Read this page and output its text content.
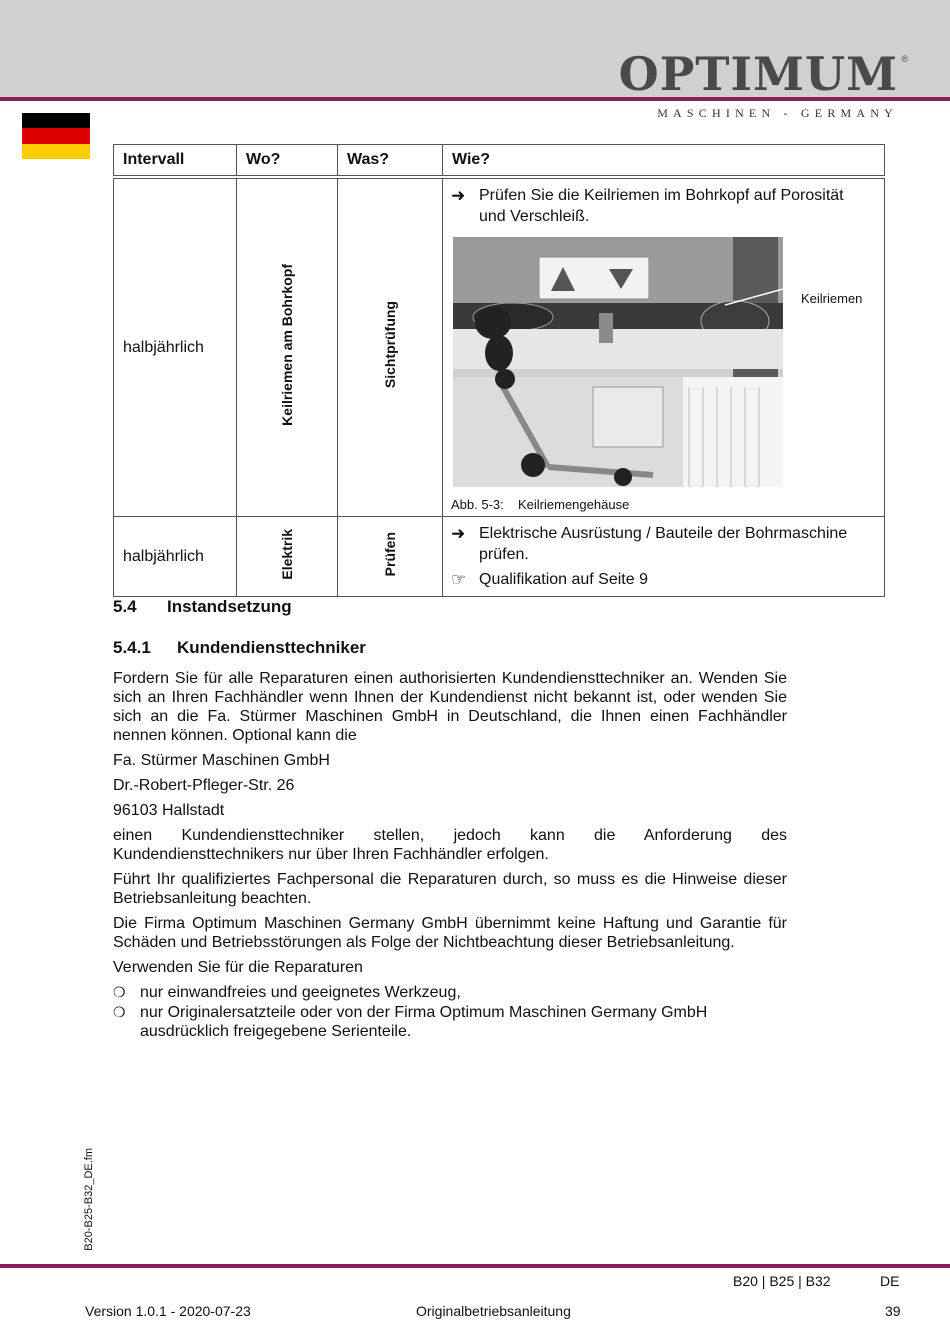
OPTIMUM ®
MASCHINEN - GERMANY
Intervall	Wo?	Was?	Wie?
halbjährlich	Keilriemen am Bohrkopf	Sichtprüfung	➜ Prüfen Sie die Keilriemen im Bohrkopf auf Porosität und Verschleiß.
Keilriemen
Abb. 5-3: Keilriemengehäuse

halbjährlich	Elektrik	Prüfen	➜ Elektrische Ausrüstung / Bauteile der Bohrmaschine prüfen.
☞ Qualifikation auf Seite 9
5.4 Instandsetzung
5.4.1 Kundendiensttechniker

Fordern Sie für alle Reparaturen einen authorisierten Kundendiensttechniker an. Wenden Sie sich an Ihren Fachhändler wenn Ihnen der Kundendienst nicht bekannt ist, oder wenden Sie sich an die Fa. Stürmer Maschinen GmbH in Deutschland, die Ihnen einen Fachhändler nennen können. Optional kann die

Fa. Stürmer Maschinen GmbH

Dr.-Robert-Pfleger-Str. 26

96103 Hallstadt

einen Kundendiensttechniker stellen, jedoch kann die Anforderung des Kundendiensttechnikers nur über Ihren Fachhändler erfolgen.

Führt Ihr qualifiziertes Fachpersonal die Reparaturen durch, so muss es die Hinweise dieser Betriebsanleitung beachten.

Die Firma Optimum Maschinen Germany GmbH übernimmt keine Haftung und Garantie für Schäden und Betriebsstörungen als Folge der Nichtbeachtung dieser Betriebsanleitung.

Verwenden Sie für die Reparaturen

❍ nur einwandfreies und geeignetes Werkzeug,
❍ nur Originalersatzteile oder von der Firma Optimum Maschinen Germany GmbH ausdrücklich freigegebene Serienteile.
B20-B25-B32_DE.fm
B20 | B25 | B32	DE
Version 1.0.1 - 2020-07-23	Originalbetriebsanleitung	39
